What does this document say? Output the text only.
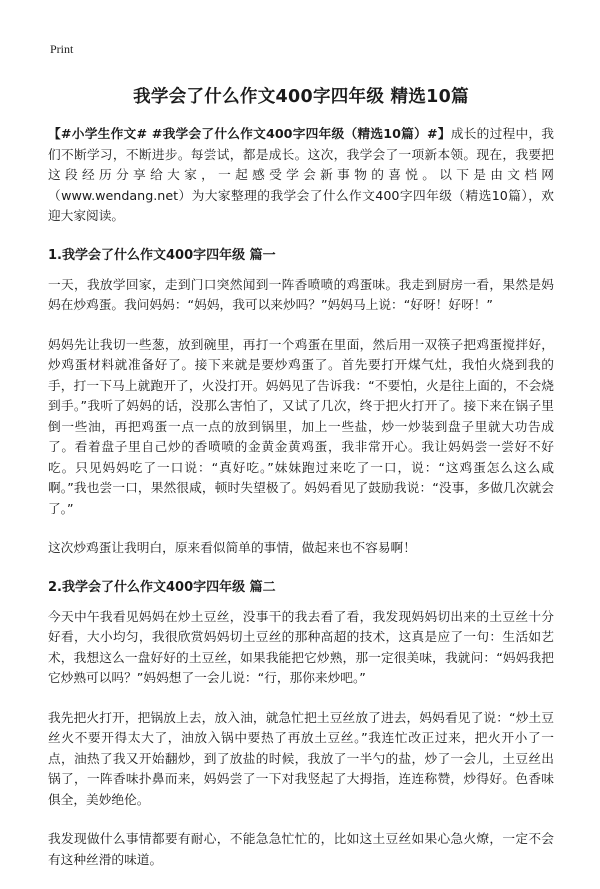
Print
我学会了什么作文400字四年级 精选10篇

【#小学生作文# #我学会了什么作文400字四年级（精选10篇）#】成长的过程中，我们不断学习，不断进步。每尝试，都是成长。这次，我学会了一项新本领。现在，我要把这段经历分享给大家，一起感受学会新事物的喜悦。以下是由文档网（www.wendang.net）为大家整理的我学会了什么作文400字四年级（精选10篇），欢迎大家阅读。

1.我学会了什么作文400字四年级 篇一

一天，我放学回家，走到门口突然闻到一阵香喷喷的鸡蛋味。我走到厨房一看，果然是妈妈在炒鸡蛋。我问妈妈：“妈妈，我可以来炒吗？”妈妈马上说：“好呀！好呀！”

妈妈先让我切一些葱，放到碗里，再打一个鸡蛋在里面，然后用一双筷子把鸡蛋搅拌好，炒鸡蛋材料就准备好了。接下来就是要炒鸡蛋了。首先要打开煤气灶，我怕火烧到我的手，打一下马上就跑开了，火没打开。妈妈见了告诉我：“不要怕，火是往上面的，不会烧到手。”我听了妈妈的话，没那么害怕了，又试了几次，终于把火打开了。接下来在锅子里倒一些油，再把鸡蛋一点一点的放到锅里，加上一些盐，炒一炒装到盘子里就大功告成了。看着盘子里自己炒的香喷喷的金黄金黄鸡蛋，我非常开心。我让妈妈尝一尝好不好吃。只见妈妈吃了一口说：“真好吃。”妹妹跑过来吃了一口，说：“这鸡蛋怎么这么咸啊。”我也尝一口，果然很咸，顿时失望极了。妈妈看见了鼓励我说：“没事，多做几次就会了。”

这次炒鸡蛋让我明白，原来看似简单的事情，做起来也不容易啊！

2.我学会了什么作文400字四年级 篇二

今天中午我看见妈妈在炒土豆丝，没事干的我去看了看，我发现妈妈切出来的土豆丝十分好看，大小均匀，我很欣赏妈妈切土豆丝的那种高超的技术，这真是应了一句：生活如艺术，我想这么一盘好好的土豆丝，如果我能把它炒熟，那一定很美味，我就问：“妈妈我把它炒熟可以吗？”妈妈想了一会儿说：“行，那你来炒吧。”

我先把火打开，把锅放上去，放入油，就急忙把土豆丝放了进去，妈妈看见了说：“炒土豆丝火不要开得太大了，油放入锅中要热了再放土豆丝。”我连忙改正过来，把火开小了一点，油热了我又开始翻炒，到了放盐的时候，我放了一半勺的盐，炒了一会儿，土豆丝出锅了，一阵香味扑鼻而来，妈妈尝了一下对我竖起了大拇指，连连称赞，炒得好。色香味俱全，美妙绝伦。

我发现做什么事情都要有耐心，不能急急忙忙的，比如这土豆丝如果心急火燎，一定不会有这种丝滑的味道。
